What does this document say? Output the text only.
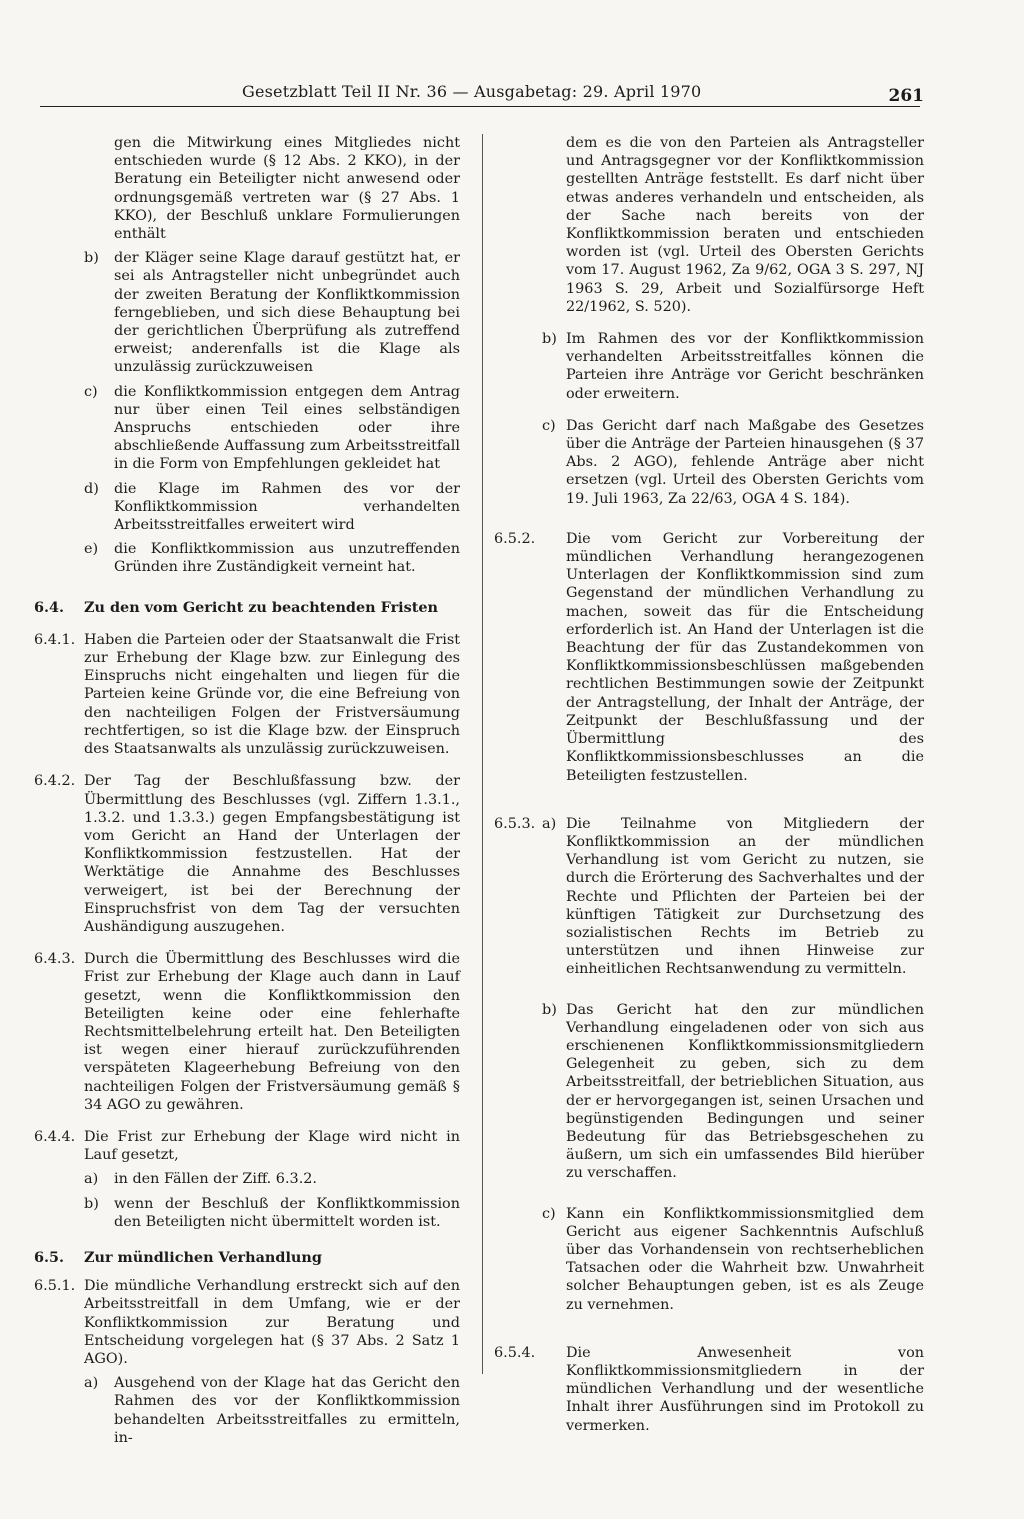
Gesetzblatt Teil II Nr. 36 — Ausgabetag: 29. April 1970	261

gen die Mitwirkung eines Mitgliedes nicht entschieden wurde (§ 12 Abs. 2 KKO), in der Beratung ein Beteiligter nicht anwesend oder ordnungsgemäß vertreten war (§ 27 Abs. 1 KKO), der Beschluß unklare Formulierungen enthält

b) der Kläger seine Klage darauf gestützt hat, er sei als Antragsteller nicht unbegründet auch der zweiten Beratung der Konfliktkommission ferngeblieben, und sich diese Behauptung bei der gerichtlichen Überprüfung als zutreffend erweist; anderenfalls ist die Klage als unzulässig zurückzuweisen

c) die Konfliktkommission entgegen dem Antrag nur über einen Teil eines selbständigen Anspruchs entschieden oder ihre abschließende Auffassung zum Arbeitsstreitfall in die Form von Empfehlungen gekleidet hat

d) die Klage im Rahmen des vor der Konfliktkommission verhandelten Arbeitsstreitfalles erweitert wird

e) die Konfliktkommission aus unzutreffenden Gründen ihre Zuständigkeit verneint hat.

6.4.	Zu den vom Gericht zu beachtenden Fristen
6.4.1. Haben die Parteien oder der Staatsanwalt die Frist zur Erhebung der Klage bzw. zur Einlegung des Einspruchs nicht eingehalten und liegen für die Parteien keine Gründe vor, die eine Befreiung von den nachteiligen Folgen der Fristversäumung rechtfertigen, so ist die Klage bzw. der Einspruch des Staatsanwalts als unzulässig zurückzuweisen.

6.4.2. Der Tag der Beschlußfassung bzw. der Übermittlung des Beschlusses (vgl. Ziffern 1.3.1., 1.3.2. und 1.3.3.) gegen Empfangsbestätigung ist vom Gericht an Hand der Unterlagen der Konfliktkommission festzustellen. Hat der Werktätige die Annahme des Beschlusses verweigert, ist bei der Berechnung der Einspruchsfrist von dem Tag der versuchten Aushändigung auszugehen.

6.4.3. Durch die Übermittlung des Beschlusses wird die Frist zur Erhebung der Klage auch dann in Lauf gesetzt, wenn die Konfliktkommission den Beteiligten keine oder eine fehlerhafte Rechtsmittelbelehrung erteilt hat. Den Beteiligten ist wegen einer hierauf zurückzuführenden verspäteten Klageerhebung Befreiung von den nachteiligen Folgen der Fristversäumung gemäß § 34 AGO zu gewähren.

6.4.4. Die Frist zur Erhebung der Klage wird nicht in Lauf gesetzt,

a) in den Fällen der Ziff. 6.3.2.

b) wenn der Beschluß der Konfliktkommission den Beteiligten nicht übermittelt worden ist.

6.5.	Zur mündlichen Verhandlung
6.5.1. Die mündliche Verhandlung erstreckt sich auf den Arbeitsstreitfall in dem Umfang, wie er der Konfliktkommission zur Beratung und Entscheidung vorgelegen hat (§ 37 Abs. 2 Satz 1 AGO).

a) Ausgehend von der Klage hat das Gericht den Rahmen des vor der Konfliktkommission behandelten Arbeitsstreitfalles zu ermitteln, in-

dem es die von den Parteien als Antragsteller und Antragsgegner vor der Konfliktkommission gestellten Anträge feststellt. Es darf nicht über etwas anderes verhandeln und entscheiden, als der Sache nach bereits von der Konfliktkommission beraten und entschieden worden ist (vgl. Urteil des Obersten Gerichts vom 17. August 1962, Za 9/62, OGA 3 S. 297, NJ 1963 S. 29, Arbeit und Sozialfürsorge Heft 22/1962, S. 520).

b) Im Rahmen des vor der Konfliktkommission verhandelten Arbeitsstreitfalles können die Parteien ihre Anträge vor Gericht beschränken oder erweitern.

c) Das Gericht darf nach Maßgabe des Gesetzes über die Anträge der Parteien hinausgehen (§ 37 Abs. 2 AGO), fehlende Anträge aber nicht ersetzen (vgl. Urteil des Obersten Gerichts vom 19. Juli 1963, Za 22/63, OGA 4 S. 184).

6.5.2.	Die vom Gericht zur Vorbereitung der mündlichen Verhandlung herangezogenen Unterlagen der Konfliktkommission sind zum Gegenstand der mündlichen Verhandlung zu machen, soweit das für die Entscheidung erforderlich ist. An Hand der Unterlagen ist die Beachtung der für das Zustandekommen von Konfliktkommissionsbeschlüssen maßgebenden rechtlichen Bestimmungen sowie der Zeitpunkt der Antragstellung, der Inhalt der Anträge, der Zeitpunkt der Beschlußfassung und der Übermittlung des Konfliktkommissionsbeschlusses an die Beteiligten festzustellen.

6.5.3. a) Die Teilnahme von Mitgliedern der Konfliktkommission an der mündlichen Verhandlung ist vom Gericht zu nutzen, sie durch die Erörterung des Sachverhaltes und der Rechte und Pflichten der Parteien bei der künftigen Tätigkeit zur Durchsetzung des sozialistischen Rechts im Betrieb zu unterstützen und ihnen Hinweise zur einheitlichen Rechtsanwendung zu vermitteln.

b) Das Gericht hat den zur mündlichen Verhandlung eingeladenen oder von sich aus erschienenen Konfliktkommissionsmitgliedern Gelegenheit zu geben, sich zu dem Arbeitsstreitfall, der betrieblichen Situation, aus der er hervorgegangen ist, seinen Ursachen und begünstigenden Bedingungen und seiner Bedeutung für das Betriebsgeschehen zu äußern, um sich ein umfassendes Bild hierüber zu verschaffen.

c) Kann ein Konfliktkommissionsmitglied dem Gericht aus eigener Sachkenntnis Aufschluß über das Vorhandensein von rechtserheblichen Tatsachen oder die Wahrheit bzw. Unwahrheit solcher Behauptungen geben, ist es als Zeuge zu vernehmen.

6.5.4.	Die Anwesenheit von Konfliktkommissionsmitgliedern in der mündlichen Verhandlung und der wesentliche Inhalt ihrer Ausführungen sind im Protokoll zu vermerken.
